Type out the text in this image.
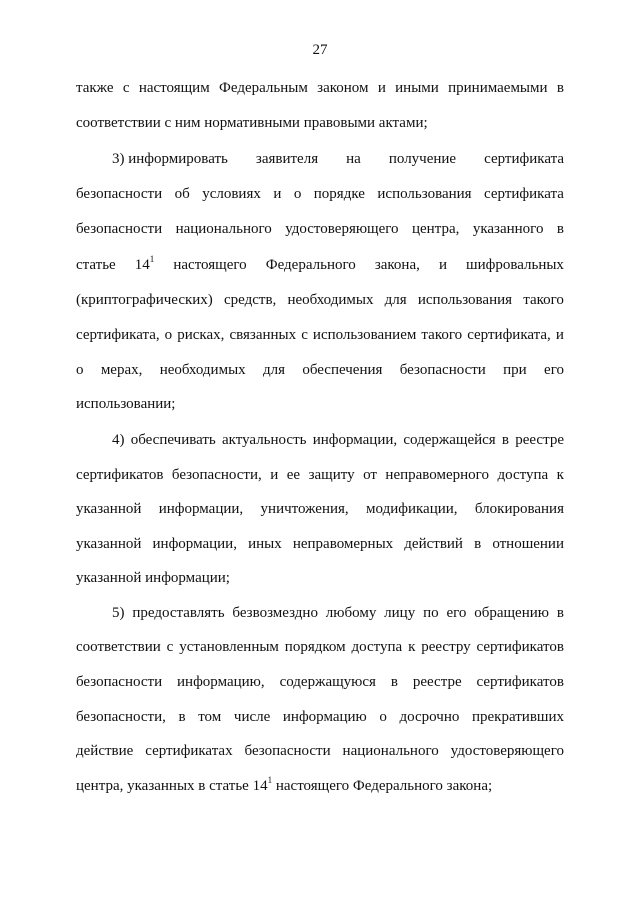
27
также с настоящим Федеральным законом и иными принимаемыми в
соответствии с ним нормативными правовыми актами;
3) информировать заявителя на получение сертификата
безопасности об условиях и о порядке использования сертификата
безопасности национального удостоверяющего центра, указанного в
статье $14^1$ настоящего Федерального закона, и шифровальных
(криптографических) средств, необходимых для использования такого
сертификата, о рисках, связанных с использованием такого сертификата, и
о мерах, необходимых для обеспечения безопасности при его
использовании;
4) обеспечивать актуальность информации, содержащейся в реестре
сертификатов безопасности, и ее защиту от неправомерного доступа к
указанной информации, уничтожения, модификации, блокирования
указанной информации, иных неправомерных действий в отношении
указанной информации;
5) предоставлять безвозмездно любому лицу по его обращению в
соответствии с установленным порядком доступа к реестру сертификатов
безопасности информацию, содержащуюся в реестре сертификатов
безопасности, в том числе информацию о досрочно прекративших
действие сертификатах безопасности национального удостоверяющего
центра, указанных в статье $14^1$ настоящего Федерального закона;
